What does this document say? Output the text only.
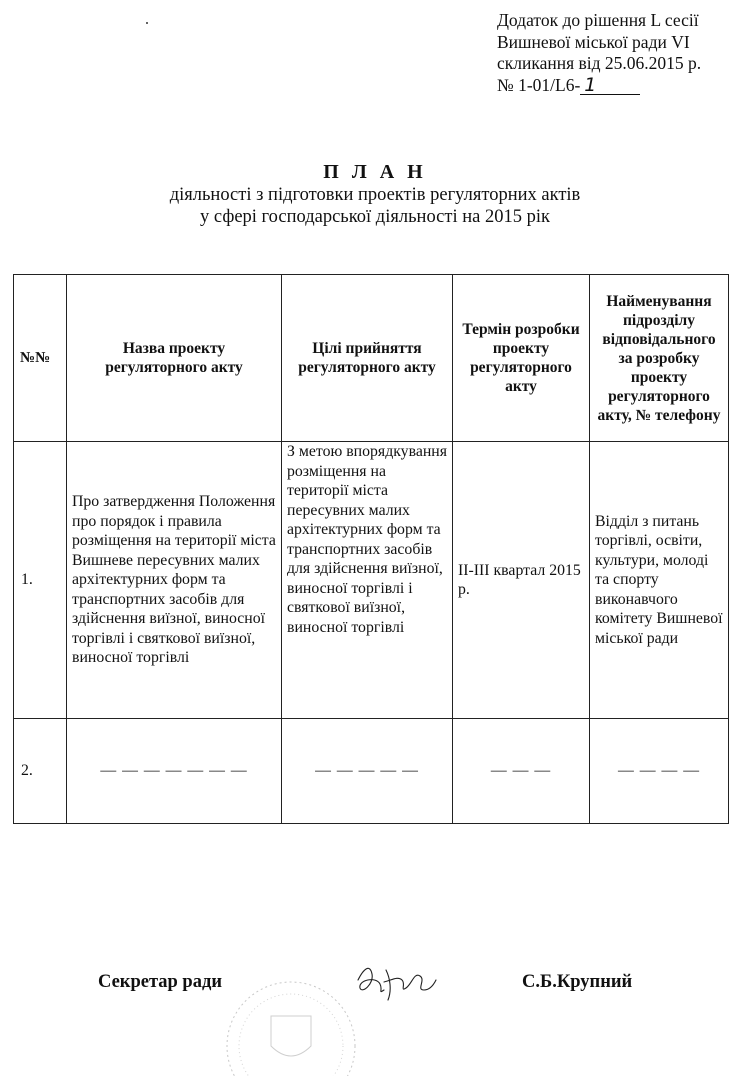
Додаток до рішення L сесії
Вишневої міської ради VI
скликання від 25.06.2015 р.
№ 1-01/L6- 1
П Л А Н
діяльності з підготовки проектів регуляторних актів
у сфері господарської діяльності на 2015 рік
№№	Назва проекту регуляторного акту	Цілі прийняття регуляторного акту	Термін розробки проекту регуляторного акту	Найменування підрозділу відповідального за розробку проекту регуляторного акту, № телефону
1.	Про затвердження Положення про порядок і правила розміщення на території міста Вишневе пересувних малих архітектурних форм та транспортних засобів для здійснення виїзної, виносної торгівлі і святкової виїзної, виносної торгівлі	З метою впорядкування розміщення на території міста пересувних малих архітектурних форм та транспортних засобів для здійснення виїзної, виносної торгівлі і святкової виїзної, виносної торгівлі	ІІ-ІІІ квартал 2015 р.	Відділ з питань торгівлі, освіти, культури, молоді та спорту виконавчого комітету Вишневої міської ради
2.	— — — — — — —	— — — — —	— — —	— — — —
Секретар ради	С.Б.Крупний
